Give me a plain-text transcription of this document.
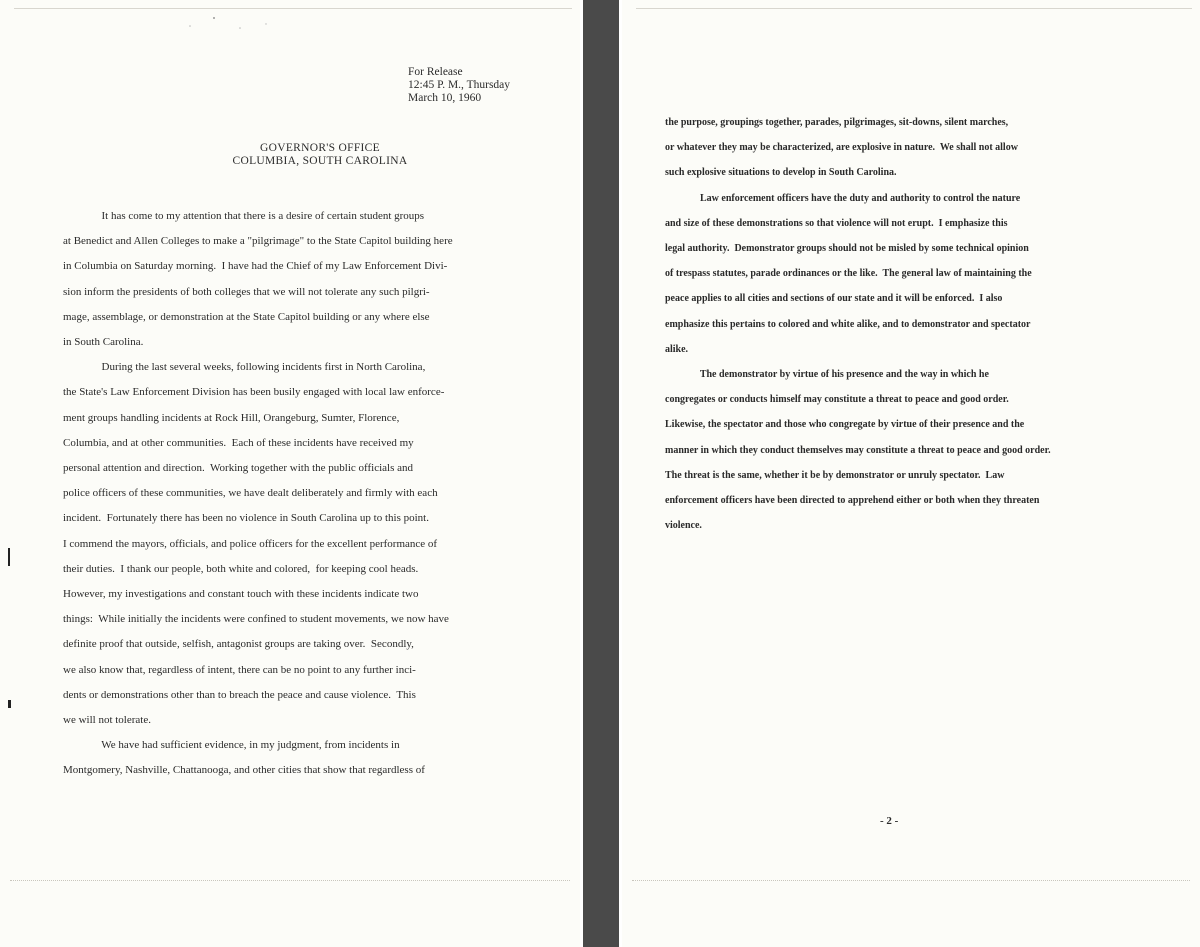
For Release
12:45 P. M., Thursday
March 10, 1960
GOVERNOR'S OFFICE
COLUMBIA, SOUTH CAROLINA
It has come to my attention that there is a desire of certain student groups
at Benedict and Allen Colleges to make a "pilgrimage" to the State Capitol building here
in Columbia on Saturday morning.  I have had the Chief of my Law Enforcement Divi-
sion inform the presidents of both colleges that we will not tolerate any such pilgri-
mage, assemblage, or demonstration at the State Capitol building or any where else
in South Carolina.
During the last several weeks, following incidents first in North Carolina,
the State's Law Enforcement Division has been busily engaged with local law enforce-
ment groups handling incidents at Rock Hill, Orangeburg, Sumter, Florence,
Columbia, and at other communities.  Each of these incidents have received my
personal attention and direction.  Working together with the public officials and
police officers of these communities, we have dealt deliberately and firmly with each
incident.  Fortunately there has been no violence in South Carolina up to this point.
I commend the mayors, officials, and police officers for the excellent performance of
their duties.  I thank our people, both white and colored,  for keeping cool heads.
However, my investigations and constant touch with these incidents indicate two
things:  While initially the incidents were confined to student movements, we now have
definite proof that outside, selfish, antagonist groups are taking over.  Secondly,
we also know that, regardless of intent, there can be no point to any further inci-
dents or demonstrations other than to breach the peace and cause violence.  This
we will not tolerate.
We have had sufficient evidence, in my judgment, from incidents in
Montgomery, Nashville, Chattanooga, and other cities that show that regardless of
the purpose, groupings together, parades, pilgrimages, sit-downs, silent marches,
or whatever they may be characterized, are explosive in nature.  We shall not allow
such explosive situations to develop in South Carolina.
Law enforcement officers have the duty and authority to control the nature
and size of these demonstrations so that violence will not erupt.  I emphasize this
legal authority.  Demonstrator groups should not be misled by some technical opinion
of trespass statutes, parade ordinances or the like.  The general law of maintaining the
peace applies to all cities and sections of our state and it will be enforced.  I also
emphasize this pertains to colored and white alike, and to demonstrator and spectator
alike.
The demonstrator by virtue of his presence and the way in which he
congregates or conducts himself may constitute a threat to peace and good order.
Likewise, the spectator and those who congregate by virtue of their presence and the
manner in which they conduct themselves may constitute a threat to peace and good order.
The threat is the same, whether it be by demonstrator or unruly spectator.  Law
enforcement officers have been directed to apprehend either or both when they threaten
violence.
- 2 -
